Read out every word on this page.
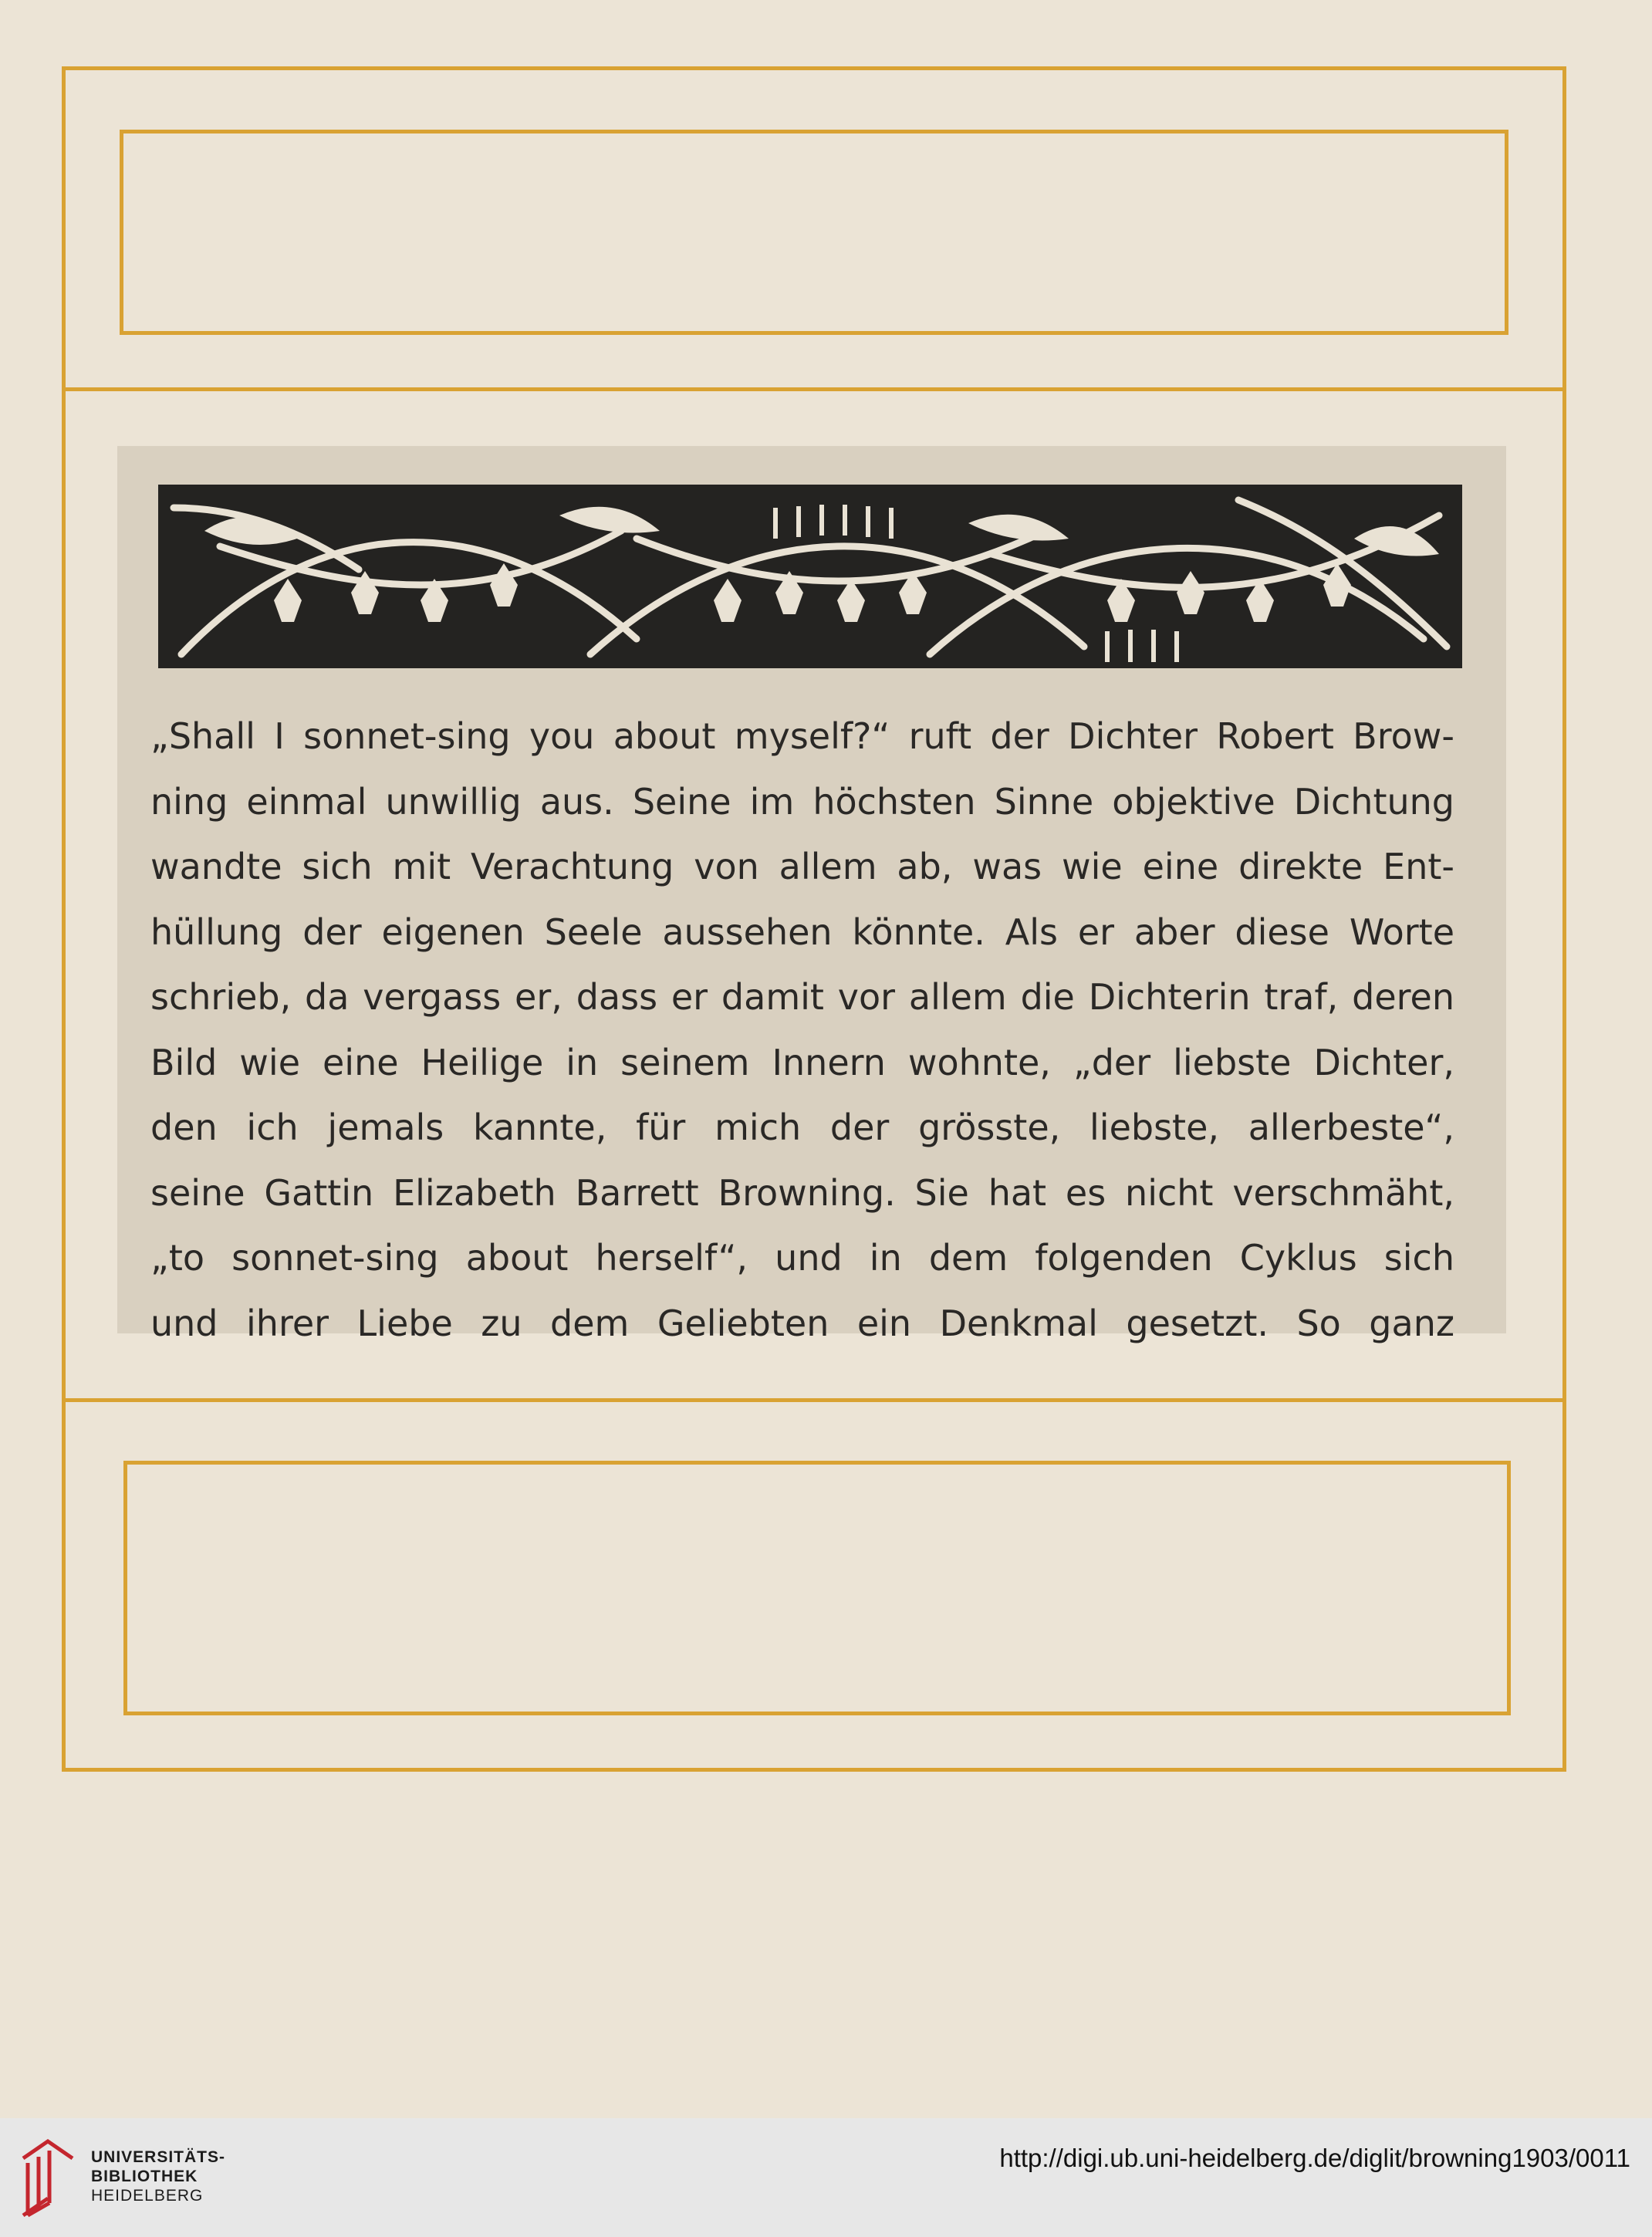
„Shall I sonnet-sing you about myself?“ ruft der Dichter Robert Brow-
ning einmal unwillig aus. Seine im höchsten Sinne objektive Dichtung
wandte sich mit Verachtung von allem ab, was wie eine direkte Ent-
hüllung der eigenen Seele aussehen könnte. Als er aber diese Worte
schrieb, da vergass er, dass er damit vor allem die Dichterin traf, deren
Bild wie eine Heilige in seinem Innern wohnte, „der liebste Dichter,
den ich jemals kannte, für mich der grösste, liebste, allerbeste“,
seine Gattin Elizabeth Barrett Browning. Sie hat es nicht verschmäht,
„to sonnet-sing about herself“, und in dem folgenden Cyklus sich
und ihrer Liebe zu dem Geliebten ein Denkmal gesetzt. So ganz
UNIVERSITÄTS-
BIBLIOTHEK
HEIDELBERG
http://digi.ub.uni-heidelberg.de/diglit/browning1903/0011
